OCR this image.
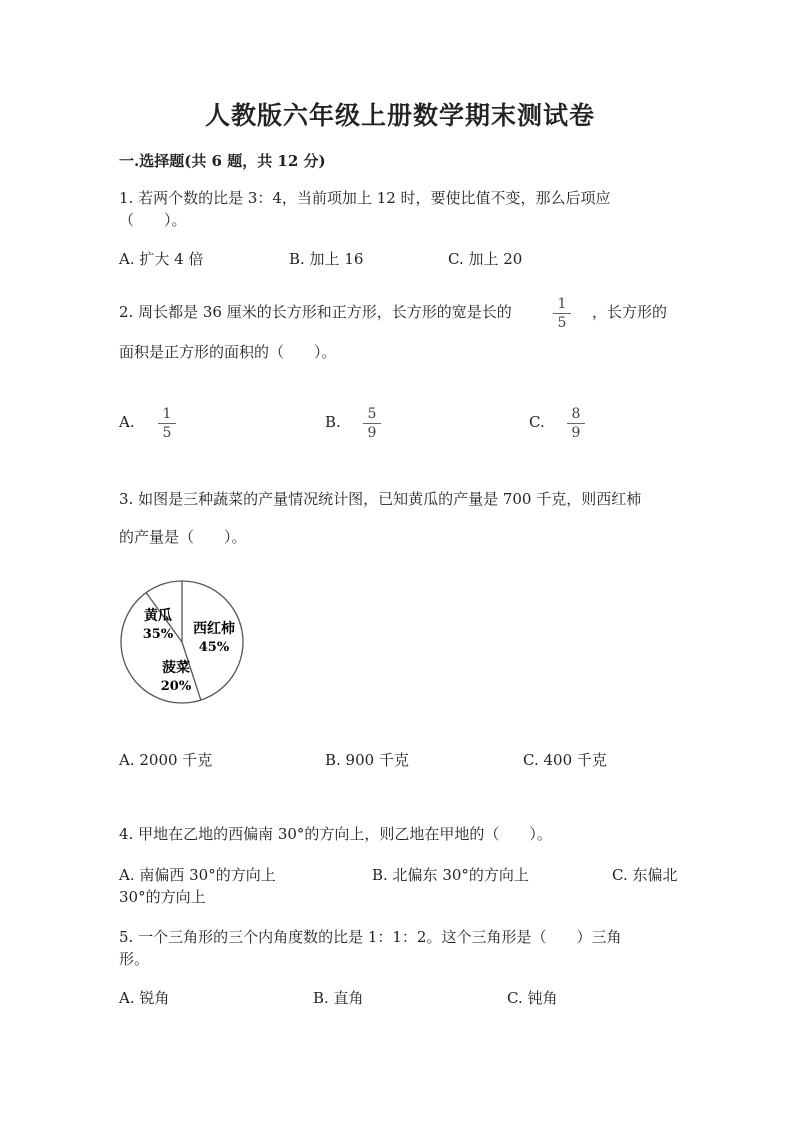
人教版六年级上册数学期末测试卷
一.选择题(共 6 题，共 12 分)
1. 若两个数的比是 3：4，当前项加上 12 时，要使比值不变，那么后项应
（　　）。
A. 扩大 4 倍	B. 加上 16	C. 加上 20
2. 周长都是 36 厘米的长方形和正方形，长方形的宽是长的	$\frac{1}{5}$ ，长方形的
面积是正方形的面积的（　　）。
A. $\frac{1}{5}$	B. $\frac{5}{9}$	C. $\frac{8}{9}$
3. 如图是三种蔬菜的产量情况统计图，已知黄瓜的产量是 700 千克，则西红柿
的产量是（　　）。
黄瓜
35% 西红柿
45%
菠菜
20%
A. 2000 千克	B. 900 千克	C. 400 千克
4. 甲地在乙地的西偏南 30°的方向上，则乙地在甲地的（　　）。
A. 南偏西 30°的方向上	B. 北偏东 30°的方向上	C. 东偏北
30°的方向上
5. 一个三角形的三个内角度数的比是 1：1：2。这个三角形是（　　）三角
形。
A. 锐角	B. 直角	C. 钝角
